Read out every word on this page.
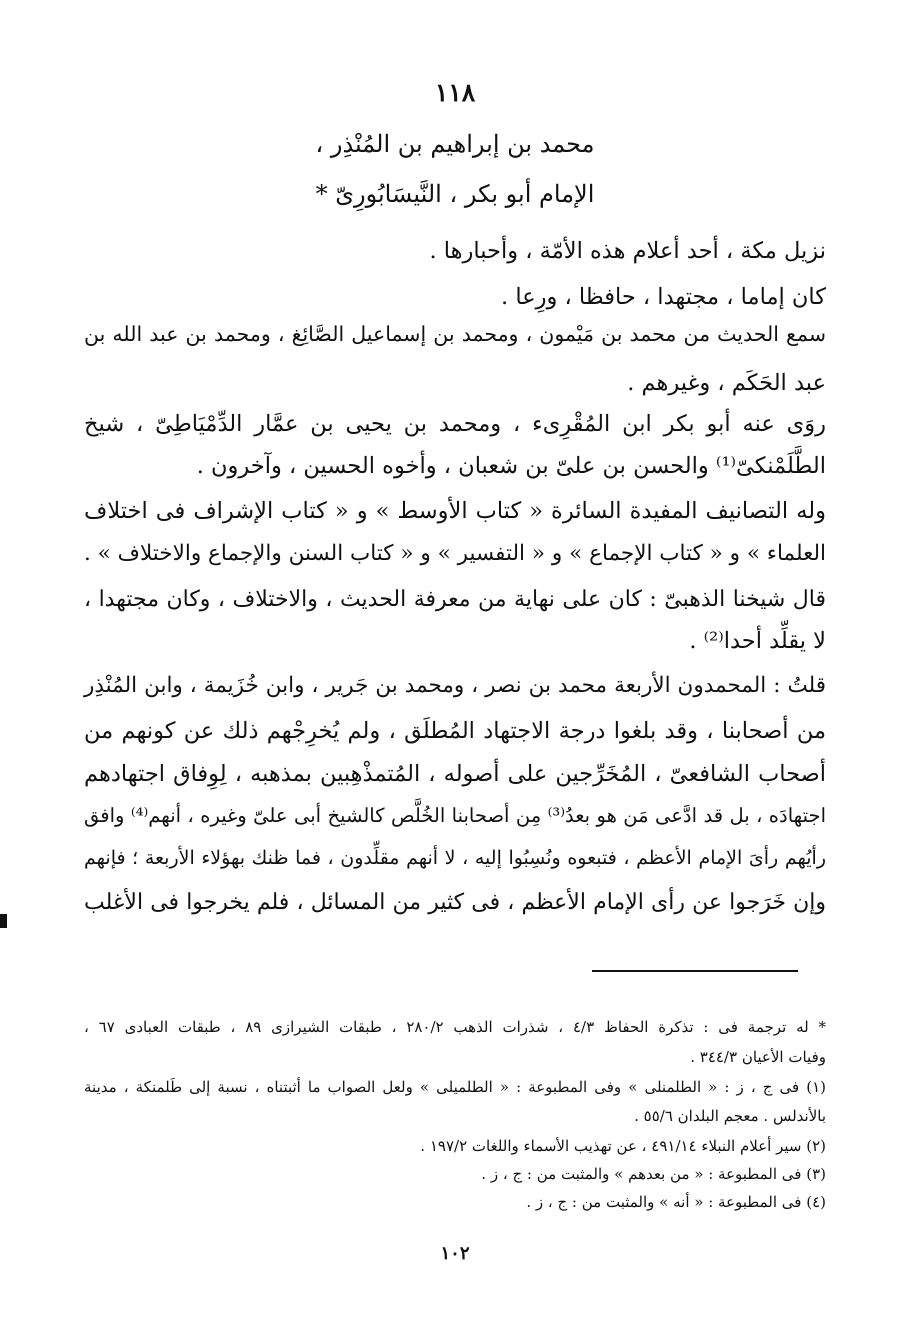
١١٨
محمد بن إبراهيم بن المُنْذِر ،
الإمام أبو بكر ، النَّيسَابُورِىّ *
نزيل مكة ، أحد أعلام هذه الأمّة ، وأحبارها .
كان إماما ، مجتهدا ، حافظا ، ورِعا .
سمع الحديث من محمد بن مَيْمون ، ومحمد بن إسماعيل الصَّائِغ ، ومحمد بن عبد الله بن
عبد الحَكَم ، وغيرهم .
روَى عنه أبو بكر ابن المُقْرِىء ، ومحمد بن يحيى بن عمَّار الدِّمْيَاطِىّ ، شيخ
الطَّلَمْنكىّ⁽¹⁾ والحسن بن علىّ بن شعبان ، وأخوه الحسين ، وآخرون .
وله التصانيف المفيدة السائرة « كتاب الأوسط » و « كتاب الإشراف فى اختلاف
العلماء » و « كتاب الإجماع » و « التفسير » و « كتاب السنن والإجماع والاختلاف » .
قال شيخنا الذهبىّ : كان على نهاية من معرفة الحديث ، والاختلاف ، وكان مجتهدا ،
لا يقلِّد أحدا⁽²⁾ .
قلتُ : المحمدون الأربعة محمد بن نصر ، ومحمد بن جَرير ، وابن خُزَيمة ، وابن المُنْذِر
من أصحابنا ، وقد بلغوا درجة الاجتهاد المُطلَق ، ولم يُخرِجْهم ذلك عن كونهم من
أصحاب الشافعىّ ، المُخَرِّجين على أصوله ، المُتمذْهِبين بمذهبه ، لِوِفاق اجتهادهم
اجتهادَه ، بل قد ادَّعى مَن هو بعدُ⁽³⁾ مِن أصحابنا الخُلَّص كالشيخ أبى علىّ وغيره ، أنهم⁽⁴⁾ وافق
رأيُهم رأىَ الإمام الأعظم ، فتبعوه ونُسِبُوا إليه ، لا أنهم مقلِّدون ، فما ظنك بهؤلاء الأربعة ؛ فإنهم
وإن خَرَجوا عن رأى الإمام الأعظم ، فى كثير من المسائل ، فلم يخرجوا فى الأغلب
* له ترجمة فى : تذكرة الحفاظ ٤/٣ ، شذرات الذهب ٢٨٠/٢ ، طبقات الشيرازى ٨٩ ، طبقات العبادى ٦٧ ،
وفيات الأعيان ٣٤٤/٣ .
(١) فى ج ، ز : « الطلمنلى » وفى المطبوعة : « الطلميلى » ولعل الصواب ما أثبتناه ، نسبة إلى طَلمنكة ، مدينة
بالأندلس . معجم البلدان ٥٥/٦ .
(٢) سير أعلام النبلاء ٤٩١/١٤ ، عن تهذيب الأسماء واللغات ١٩٧/٢ .
(٣) فى المطبوعة : « من بعدهم » والمثبت من : ج ، ز .
(٤) فى المطبوعة : « أنه » والمثبت من : ج ، ز .
١٠٢
